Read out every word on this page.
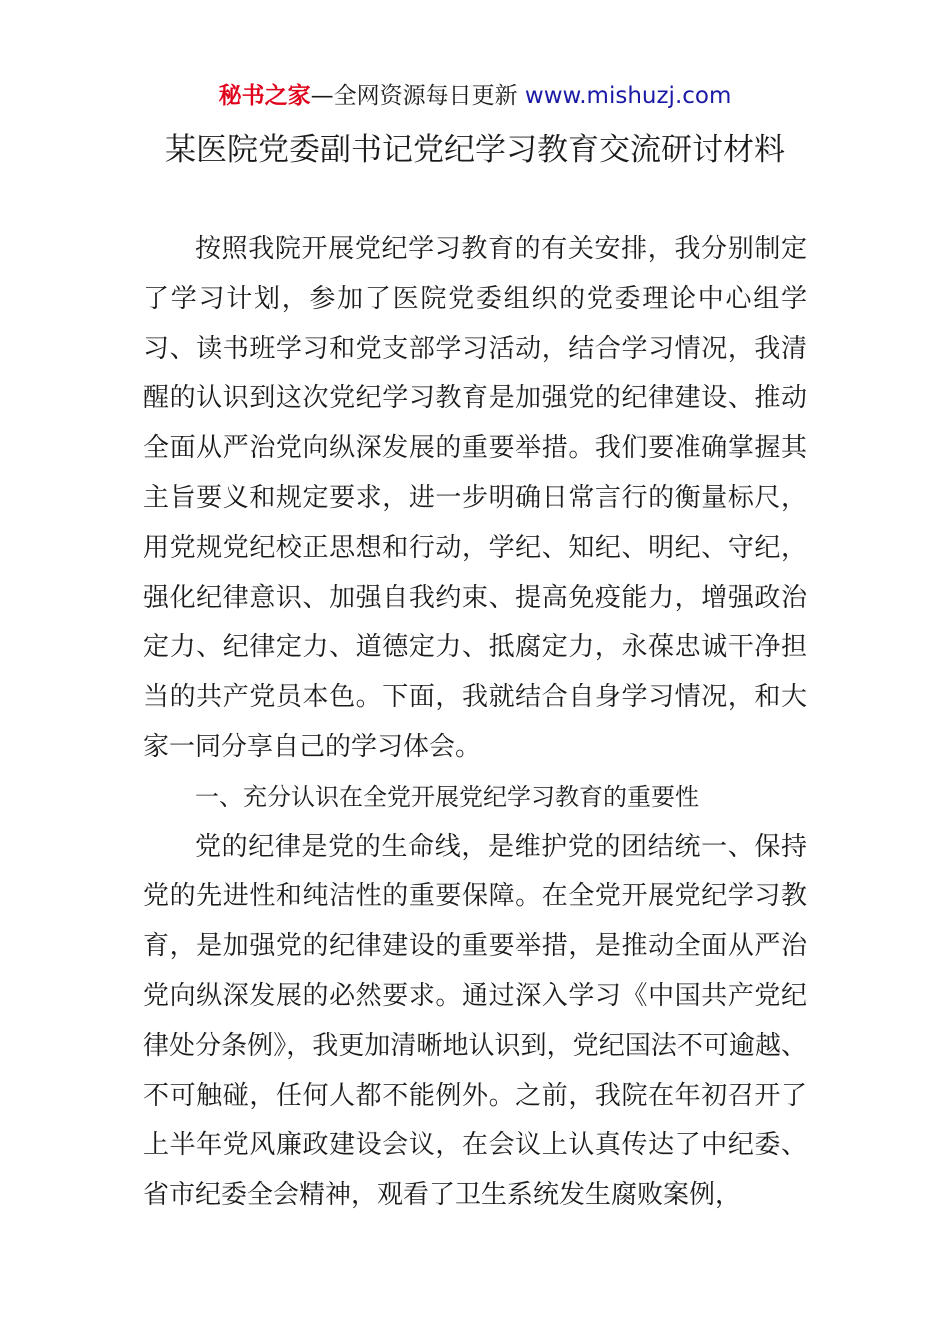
秘书之家—全网资源每日更新 www.mishuzj.com
某医院党委副书记党纪学习教育交流研讨材料

按照我院开展党纪学习教育的有关安排，我分别制定了学习计划，参加了医院党委组织的党委理论中心组学习、读书班学习和党支部学习活动，结合学习情况，我清醒的认识到这次党纪学习教育是加强党的纪律建设、推动全面从严治党向纵深发展的重要举措。我们要准确掌握其主旨要义和规定要求，进一步明确日常言行的衡量标尺，用党规党纪校正思想和行动，学纪、知纪、明纪、守纪，强化纪律意识、加强自我约束、提高免疫能力，增强政治定力、纪律定力、道德定力、抵腐定力，永葆忠诚干净担当的共产党员本色。下面，我就结合自身学习情况，和大家一同分享自己的学习体会。

一、充分认识在全党开展党纪学习教育的重要性

党的纪律是党的生命线，是维护党的团结统一、保持党的先进性和纯洁性的重要保障。在全党开展党纪学习教育，是加强党的纪律建设的重要举措，是推动全面从严治党向纵深发展的必然要求。通过深入学习《中国共产党纪律处分条例》，我更加清晰地认识到，党纪国法不可逾越、不可触碰，任何人都不能例外。之前，我院在年初召开了上半年党风廉政建设会议，在会议上认真传达了中纪委、省市纪委全会精神，观看了卫生系统发生腐败案例，
